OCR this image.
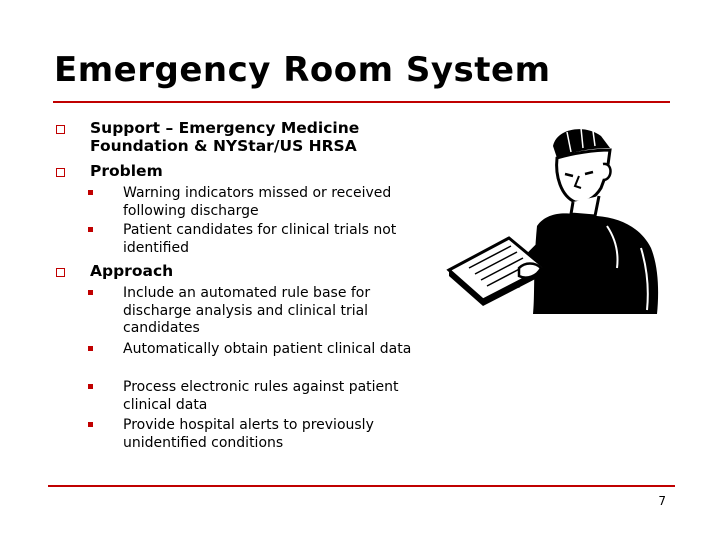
Emergency Room System
Support – Emergency Medicine Foundation & NYStar/US HRSA
Problem
Warning indicators missed or received following discharge
Patient candidates for clinical trials not identified
Approach
Include an automated rule base for discharge analysis and clinical trial candidates
Automatically obtain patient clinical data
Process electronic rules against patient clinical data
Provide hospital alerts to previously unidentified conditions
7
